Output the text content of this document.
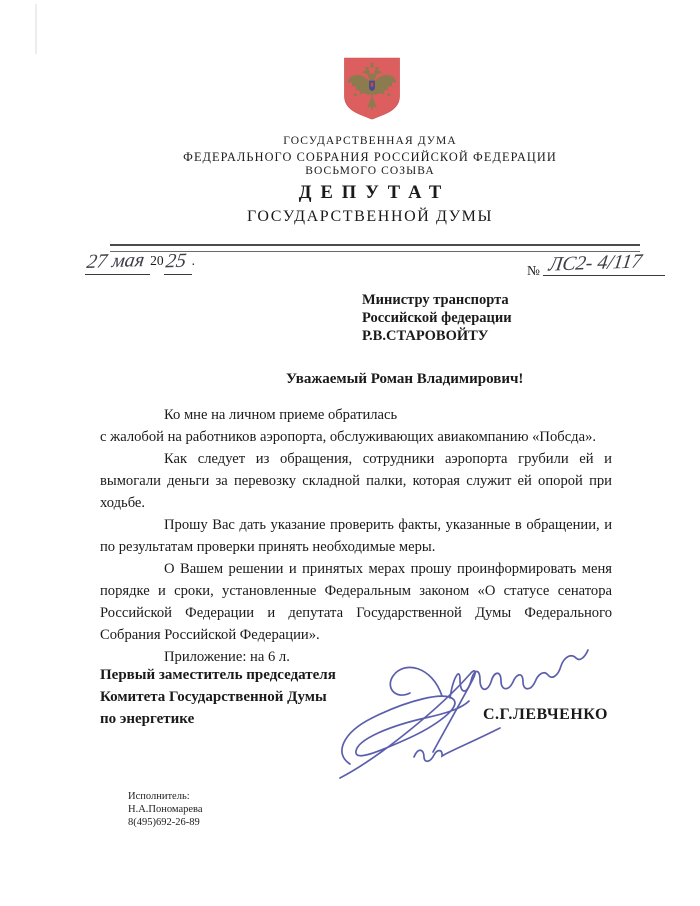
ГОСУДАРСТВЕННАЯ ДУМА
ФЕДЕРАЛЬНОГО СОБРАНИЯ РОССИЙСКОЙ ФЕДЕРАЦИИ
ВОСЬМОГО СОЗЫВА
ДЕПУТАТ
ГОСУДАРСТВЕННОЙ ДУМЫ
27 мая 2025 .
№ ЛС2- 4/117
Министру транспорта
Российской федерации
Р.В.СТАРОВОЙТУ
Уважаемый Роман Владимирович!
Ко мне на личном приеме обратилась
с жалобой на работников аэропорта, обслуживающих авиакомпанию «Побсда».
Как следует из обращения, сотрудники аэропорта грубили ей и вымогали деньги за перевозку складной палки, которая служит ей опорой при ходьбе.
Прошу Вас дать указание проверить факты, указанные в обращении, и по результатам проверки принять необходимые меры.
О Вашем решении и принятых мерах прошу проинформировать меня порядке и сроки, установленные Федеральным законом «О статусе сенатора Российской Федерации и депутата Государственной Думы Федерального Собрания Российской Федерации».
Приложение: на 6 л.
Первый заместитель председателя
Комитета Государственной Думы
по энергетике	С.Г.ЛЕВЧЕНКО
Исполнитель:
Н.А.Пономарева
8(495)692-26-89
